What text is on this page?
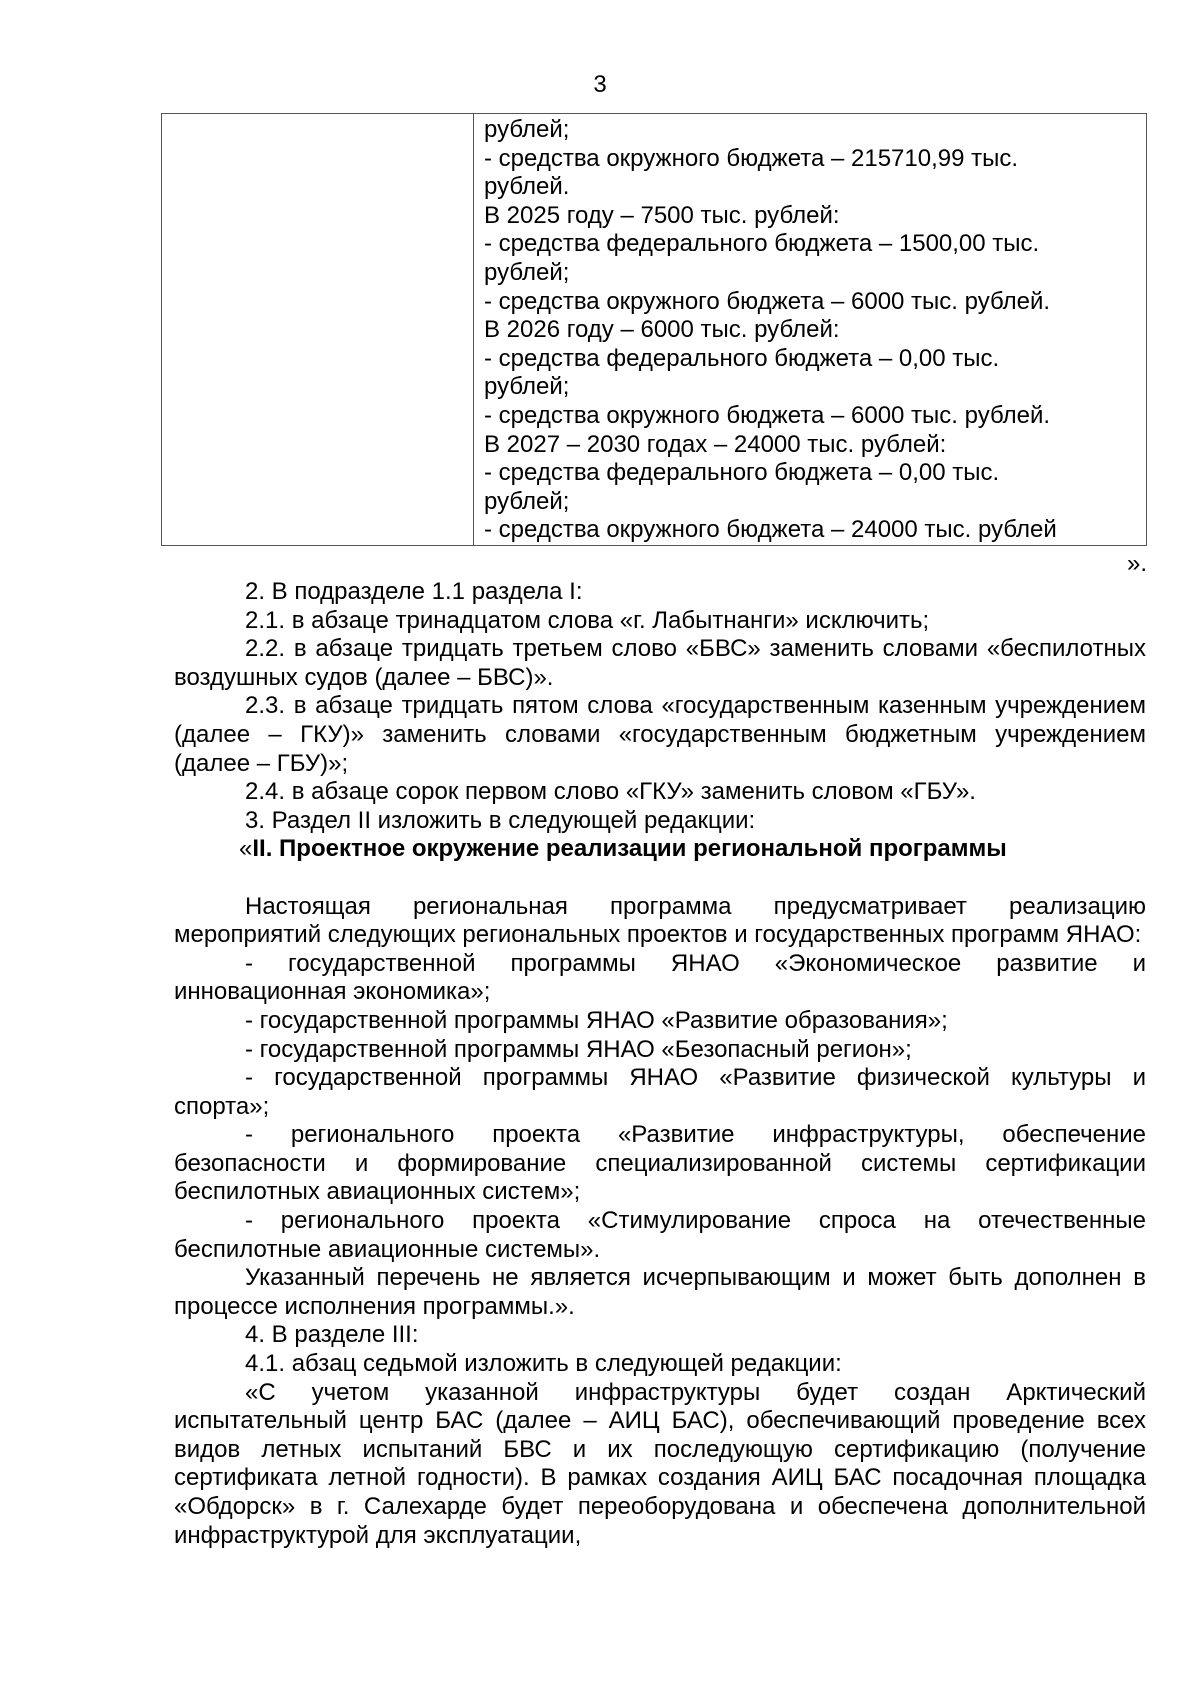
3

рублей;
- средства окружного бюджета – 215710,99 тыс.
рублей.
В 2025 году – 7500 тыс. рублей:
- средства федерального бюджета – 1500,00 тыс.
рублей;
- средства окружного бюджета – 6000 тыс. рублей.
В 2026 году – 6000 тыс. рублей:
- средства федерального бюджета – 0,00 тыс.
рублей;
- средства окружного бюджета – 6000 тыс. рублей.
В 2027 – 2030 годах – 24000 тыс. рублей:
- средства федерального бюджета – 0,00 тыс.
рублей;
- средства окружного бюджета – 24000 тыс. рублей
».

2. В подразделе 1.1 раздела I:

2.1. в абзаце тринадцатом слова «г. Лабытнанги» исключить;

2.2. в абзаце тридцать третьем слово «БВС» заменить словами «беспилотных воздушных судов (далее – БВС)».

2.3. в абзаце тридцать пятом слова «государственным казенным учреждением (далее – ГКУ)» заменить словами «государственным бюджетным учреждением (далее – ГБУ)»;

2.4. в абзаце сорок первом слово «ГКУ» заменить словом «ГБУ».

3. Раздел II изложить в следующей редакции:

«II. Проектное окружение реализации региональной программы

Настоящая региональная программа предусматривает реализацию мероприятий следующих региональных проектов и государственных программ ЯНАО:

- государственной программы ЯНАО «Экономическое развитие и инновационная экономика»;

- государственной программы ЯНАО «Развитие образования»;

- государственной программы ЯНАО «Безопасный регион»;

- государственной программы ЯНАО «Развитие физической культуры и спорта»;

- регионального проекта «Развитие инфраструктуры, обеспечение безопасности и формирование специализированной системы сертификации беспилотных авиационных систем»;

- регионального проекта «Стимулирование спроса на отечественные беспилотные авиационные системы».

Указанный перечень не является исчерпывающим и может быть дополнен в процессе исполнения программы.».

4. В разделе III:

4.1. абзац седьмой изложить в следующей редакции:

«С учетом указанной инфраструктуры будет создан Арктический испытательный центр БАС (далее – АИЦ БАС), обеспечивающий проведение всех видов летных испытаний БВС и их последующую сертификацию (получение сертификата летной годности). В рамках создания АИЦ БАС посадочная площадка «Обдорск» в г. Салехарде будет переоборудована и обеспечена дополнительной инфраструктурой для эксплуатации,
